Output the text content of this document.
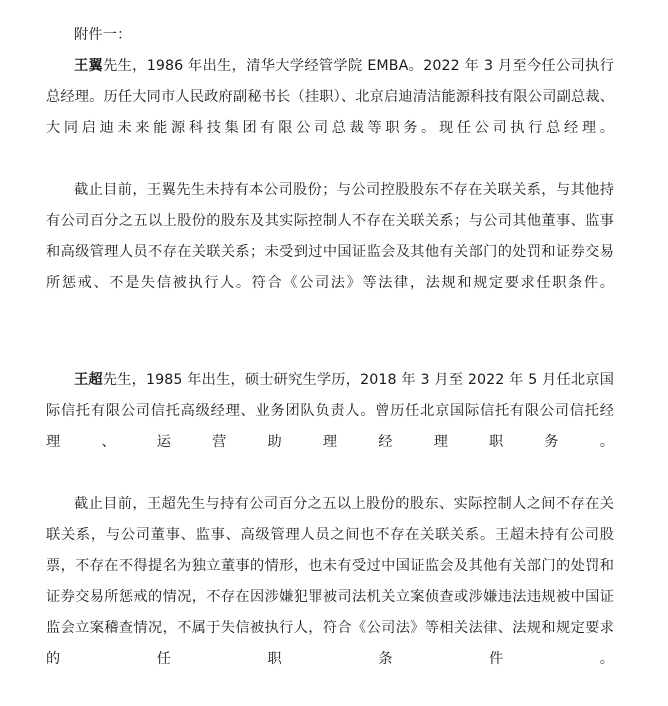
附件一：

王翼先生，1986 年出生，清华大学经管学院 EMBA。2022 年 3 月至今任公司执行总经理。历任大同市人民政府副秘书长（挂职）、北京启迪清洁能源科技有限公司副总裁、大同启迪未来能源科技集团有限公司总裁等职务。现任公司执行总经理。

截止目前，王翼先生未持有本公司股份；与公司控股股东不存在关联关系，与其他持有公司百分之五以上股份的股东及其实际控制人不存在关联关系；与公司其他董事、监事和高级管理人员不存在关联关系；未受到过中国证监会及其他有关部门的处罚和证券交易所惩戒、不是失信被执行人。符合《公司法》等法律，法规和规定要求任职条件。

王超先生，1985 年出生，硕士研究生学历，2018 年 3 月至 2022 年 5 月任北京国际信托有限公司信托高级经理、业务团队负责人。曾历任北京国际信托有限公司信托经理、运营助理经理职务。

截止目前，王超先生与持有公司百分之五以上股份的股东、实际控制人之间不存在关联关系，与公司董事、监事、高级管理人员之间也不存在关联关系。王超未持有公司股票，不存在不得提名为独立董事的情形，也未有受过中国证监会及其他有关部门的处罚和证券交易所惩戒的情况，不存在因涉嫌犯罪被司法机关立案侦查或涉嫌违法违规被中国证监会立案稽查情况，不属于失信被执行人，符合《公司法》等相关法律、法规和规定要求的任职条件。
